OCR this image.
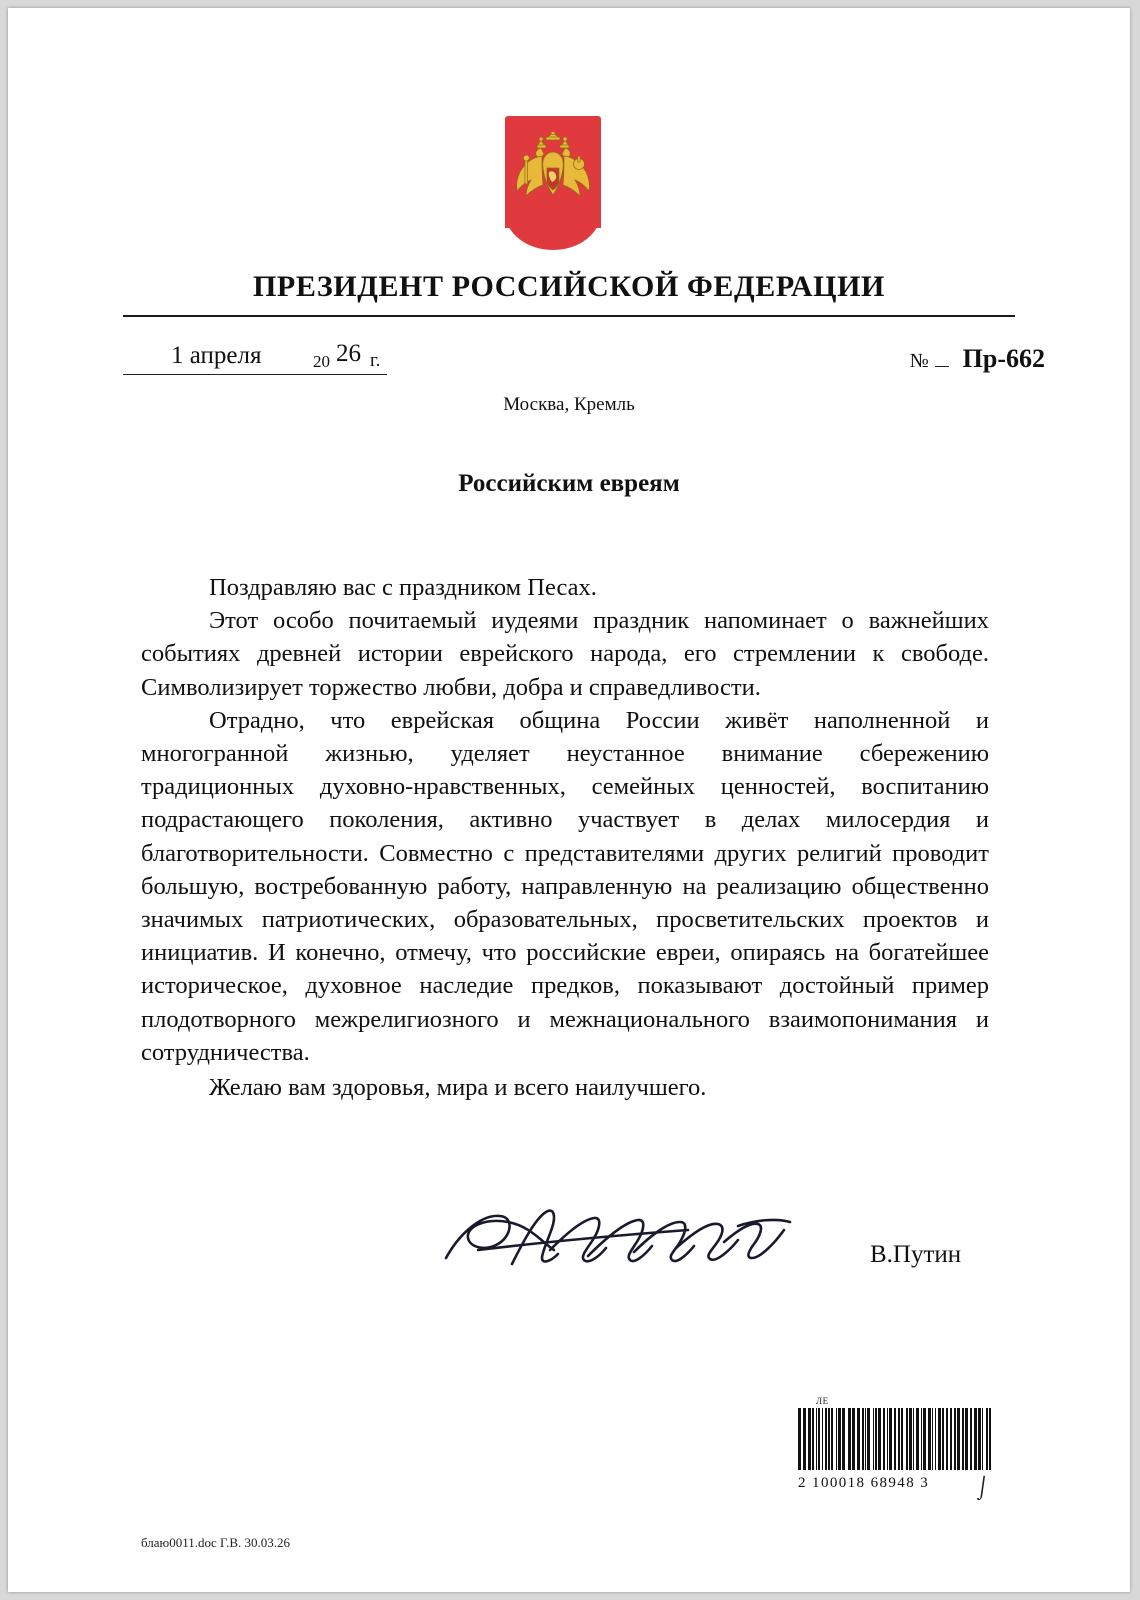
ПРЕЗИДЕНТ РОССИЙСКОЙ ФЕДЕРАЦИИ
1 апреля	20 26 г.	№ Пр-662
Москва, Кремль
Российским евреям

Поздравляю вас с праздником Песах.

Этот особо почитаемый иудеями праздник напоминает о важнейших событиях древней истории еврейского народа, его стремлении к свободе. Символизирует торжество любви, добра и справедливости.

Отрадно, что еврейская община России живёт наполненной и многогранной жизнью, уделяет неустанное внимание сбережению традиционных духовно-нравственных, семейных ценностей, воспитанию подрастающего поколения, активно участвует в делах милосердия и благотворительности. Совместно с представителями других религий проводит большую, востребованную работу, направленную на реализацию общественно значимых патриотических, образовательных, просветительских проектов и инициатив. И конечно, отмечу, что российские евреи, опираясь на богатейшее историческое, духовное наследие предков, показывают достойный пример плодотворного межрелигиозного и межнационального взаимопонимания и сотрудничества.

Желаю вам здоровья, мира и всего наилучшего.

В.Путин
ЛЕ
2 100018 68948 3	⌡
блаю0011.doc Г.В. 30.03.26
